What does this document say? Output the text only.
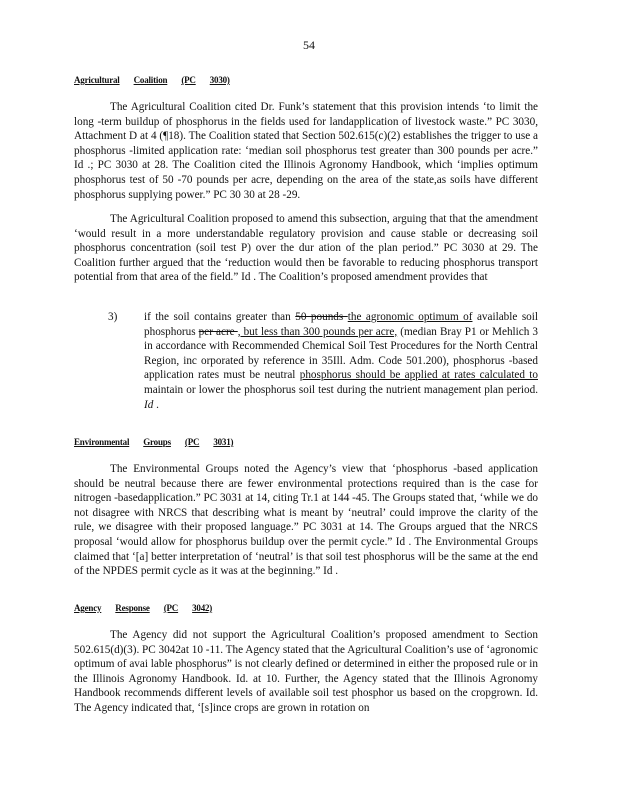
54
Agricultural Coalition (PC 3030)

The Agricultural Coalition cited Dr. Funk’s statement that this provision intends ‘to limit the long -term buildup of phosphorus in the fields used for landapplication of livestock waste.” PC 3030, Attachment D at 4 (¶18). The Coalition stated that Section 502.615(c)(2) establishes the trigger to use a phosphorus -limited application rate: ‘median soil phosphorus test greater than 300 pounds per acre.” Id .; PC 3030 at 28. The Coalition cited the Illinois Agronomy Handbook, which ‘implies optimum phosphorus test of 50 -70 pounds per acre, depending on the area of the state,as soils have different phosphorus supplying power.” PC 30 30 at 28 -29.

The Agricultural Coalition proposed to amend this subsection, arguing that that the amendment ‘would result in a more understandable regulatory provision and cause stable or decreasing soil phosphorus concentration (soil test P) over the dur ation of the plan period.” PC 3030 at 29. The Coalition further argued that the ‘reduction would then be favorable to reducing phosphorus transport potential from that area of the field.” Id . The Coalition’s proposed amendment provides that

3) if the soil contains greater than 50 pounds the agronomic optimum of available soil phosphorus per acre , but less than 300 pounds per acre, (median Bray P1 or Mehlich 3 in accordance with Recommended Chemical Soil Test Procedures for the North Central Region, inc orporated by reference in 35Ill. Adm. Code 501.200), phosphorus -based application rates must be neutral phosphorus should be applied at rates calculated to maintain or lower the phosphorus soil test during the nutrient management plan period. Id .
Environmental Groups (PC 3031)

The Environmental Groups noted the Agency’s view that ‘phosphorus -based application should be neutral because there are fewer environmental protections required than is the case for nitrogen -basedapplication.” PC 3031 at 14, citing Tr.1 at 144 -45. The Groups stated that, ‘while we do not disagree with NRCS that describing what is meant by ‘neutral’ could improve the clarity of the rule, we disagree with their proposed language.” PC 3031 at 14. The Groups argued that the NRCS proposal ‘would allow for phosphorus buildup over the permit cycle.” Id . The Environmental Groups claimed that ‘[a] better interpretation of ‘neutral’ is that soil test phosphorus will be the same at the end of the NPDES permit cycle as it was at the beginning.” Id .

Agency Response (PC 3042)

The Agency did not support the Agricultural Coalition’s proposed amendment to Section 502.615(d)(3). PC 3042at 10 -11. The Agency stated that the Agricultural Coalition’s use of ‘agronomic optimum of avai lable phosphorus” is not clearly defined or determined in either the proposed rule or in the Illinois Agronomy Handbook. Id. at 10. Further, the Agency stated that the Illinois Agronomy Handbook recommends different levels of available soil test phosphor us based on the cropgrown. Id. The Agency indicated that, ‘[s]ince crops are grown in rotation on
